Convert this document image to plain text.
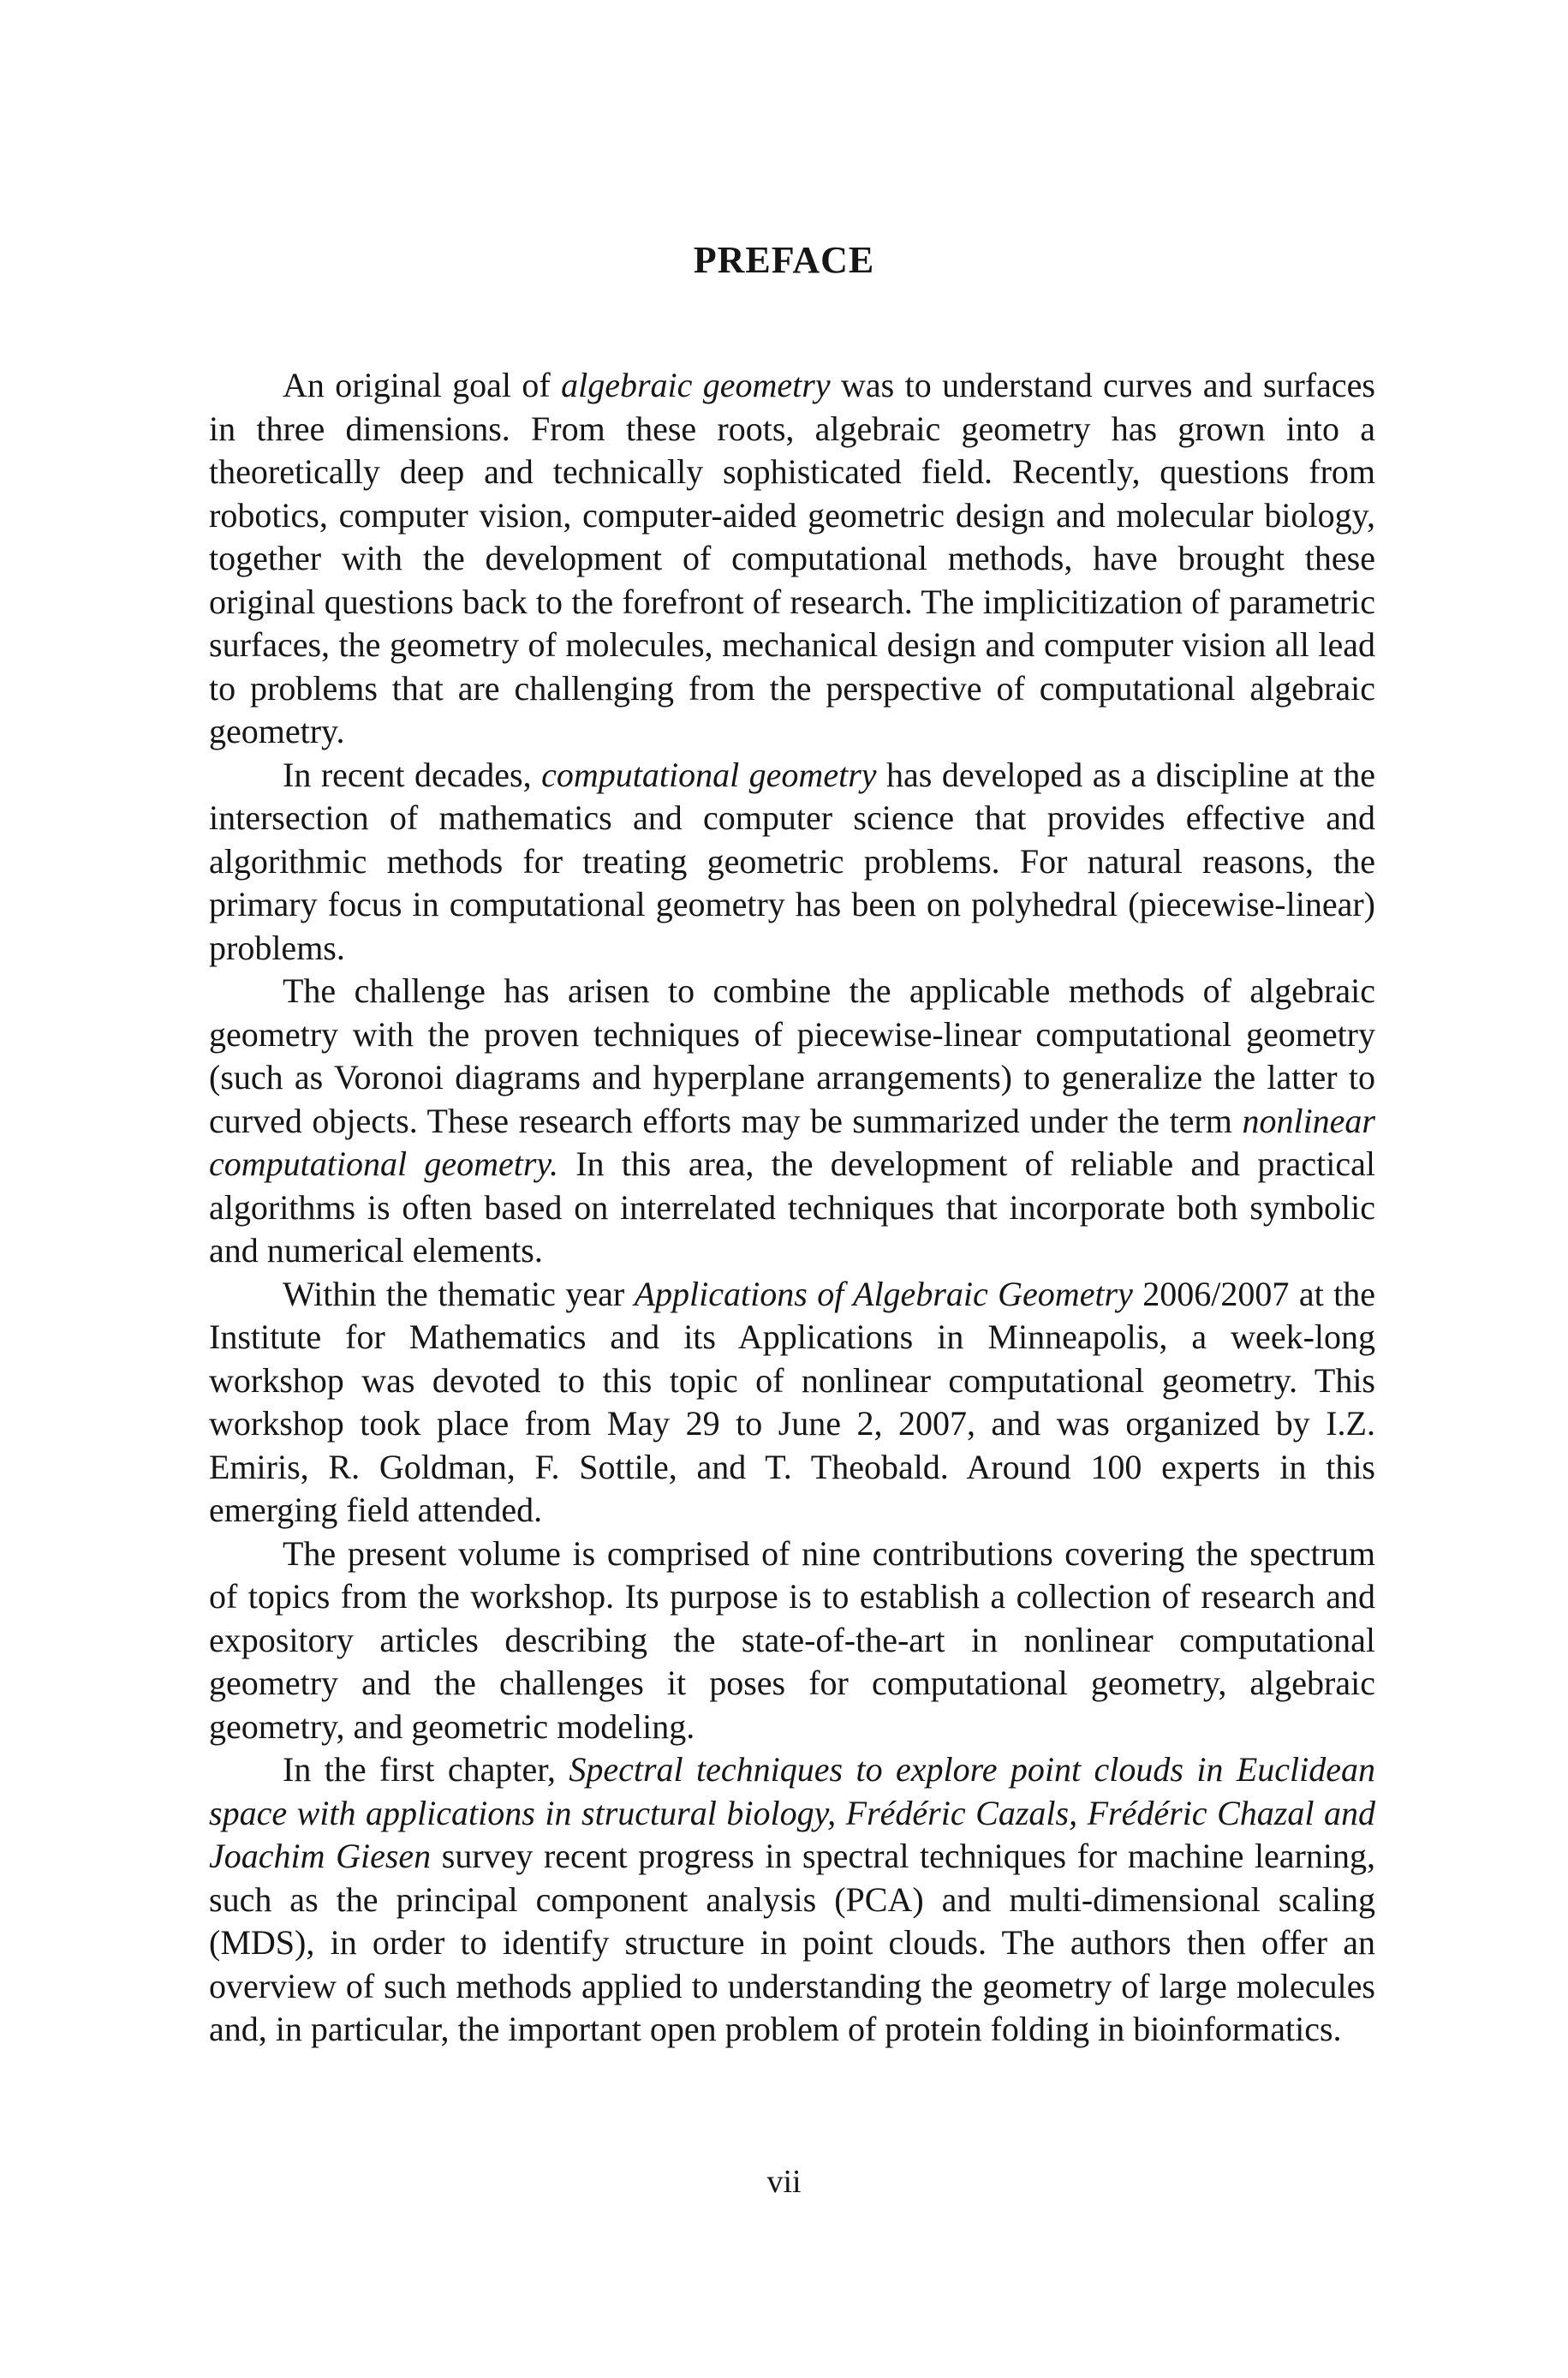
PREFACE

An original goal of algebraic geometry was to understand curves and surfaces in three dimensions. From these roots, algebraic geometry has grown into a theoretically deep and technically sophisticated field. Recently, questions from robotics, computer vision, computer-aided geometric design and molecular biology, together with the development of computational methods, have brought these original questions back to the forefront of research. The implicitization of parametric surfaces, the geometry of molecules, mechanical design and computer vision all lead to problems that are challenging from the perspective of computational algebraic geometry.

In recent decades, computational geometry has developed as a discipline at the intersection of mathematics and computer science that provides effective and algorithmic methods for treating geometric problems. For natural reasons, the primary focus in computational geometry has been on polyhedral (piecewise-linear) problems.

The challenge has arisen to combine the applicable methods of algebraic geometry with the proven techniques of piecewise-linear computational geometry (such as Voronoi diagrams and hyperplane arrangements) to generalize the latter to curved objects. These research efforts may be summarized under the term nonlinear computational geometry. In this area, the development of reliable and practical algorithms is often based on interrelated techniques that incorporate both symbolic and numerical elements.

Within the thematic year Applications of Algebraic Geometry 2006/​2007 at the Institute for Mathematics and its Applications in Minneapolis, a week-long workshop was devoted to this topic of nonlinear computational geometry. This workshop took place from May 29 to June 2, 2007, and was organized by I.Z. Emiris, R. Goldman, F. Sottile, and T. Theobald. Around 100 experts in this emerging field attended.

The present volume is comprised of nine contributions covering the spectrum of topics from the workshop. Its purpose is to establish a collection of research and expository articles describing the state-of-the-art in nonlinear computational geometry and the challenges it poses for computational geometry, algebraic geometry, and geometric modeling.

In the first chapter, Spectral techniques to explore point clouds in Euclidean space with applications in structural biology, Frédéric Cazals, Frédéric Chazal and Joachim Giesen survey recent progress in spectral techniques for machine learning, such as the principal component analysis (PCA) and multi-dimensional scaling (MDS), in order to identify structure in point clouds. The authors then offer an overview of such methods applied to understanding the geometry of large molecules and, in particular, the important open problem of protein folding in bioinformatics.

vii
